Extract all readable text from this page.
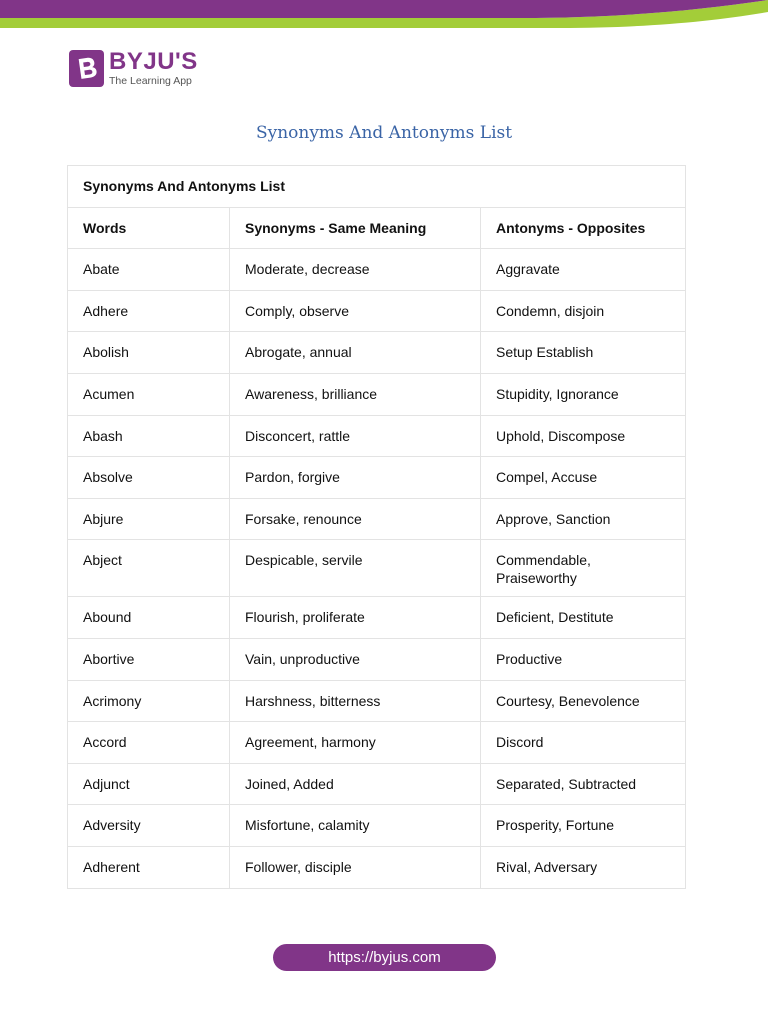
BYJU'S
The Learning App
Synonyms And Antonyms List
Synonyms And Antonyms List		
Words	Synonyms - Same Meaning	Antonyms - Opposites
Abate	Moderate, decrease	Aggravate
Adhere	Comply, observe	Condemn, disjoin
Abolish	Abrogate, annual	Setup Establish
Acumen	Awareness, brilliance	Stupidity, Ignorance
Abash	Disconcert, rattle	Uphold, Discompose
Absolve	Pardon, forgive	Compel, Accuse
Abjure	Forsake, renounce	Approve, Sanction
Abject	Despicable, servile	Commendable, Praiseworthy
Abound	Flourish, proliferate	Deficient, Destitute
Abortive	Vain, unproductive	Productive
Acrimony	Harshness, bitterness	Courtesy, Benevolence
Accord	Agreement, harmony	Discord
Adjunct	Joined, Added	Separated, Subtracted
Adversity	Misfortune, calamity	Prosperity, Fortune
Adherent	Follower, disciple	Rival, Adversary
https://byjus.com
